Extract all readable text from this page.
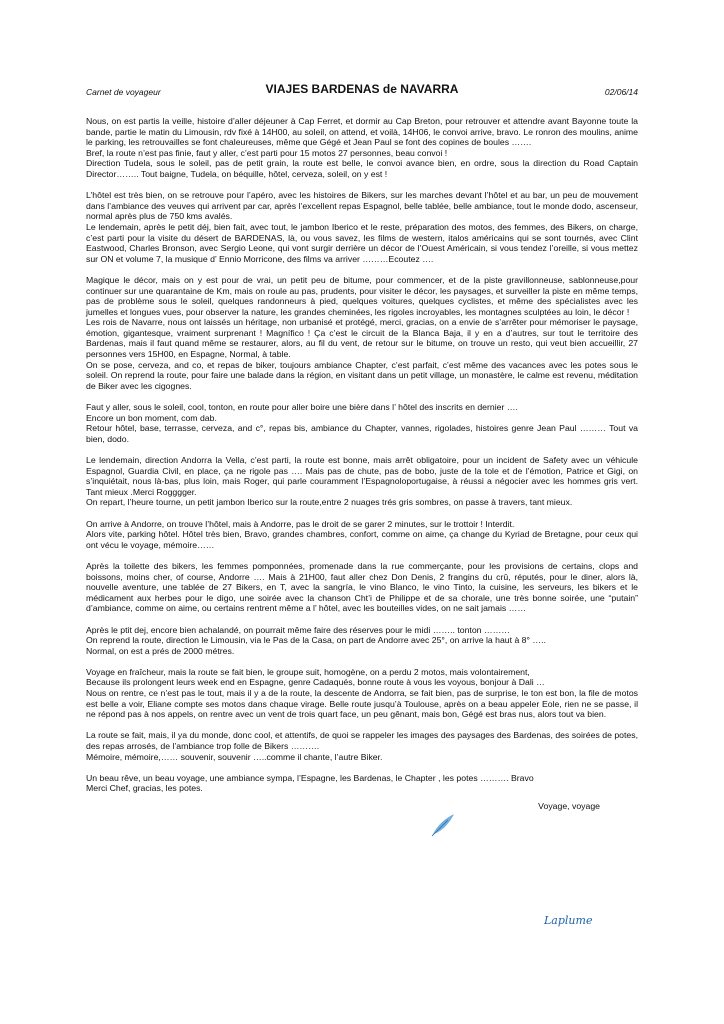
Carnet de voyageur	VIAJES BARDENAS de NAVARRA	02/06/14
Nous, on est partis la veille, histoire d’aller déjeuner à Cap Ferret, et dormir au Cap Breton, pour retrouver et attendre avant Bayonne toute la bande, partie le matin du Limousin, rdv fixé à 14H00, au soleil, on attend, et voilà, 14H06, le convoi arrive, bravo. Le ronron des moulins, anime le parking, les retrouvailles se font chaleureuses, même que Gégé et Jean Paul se font des copines de boules …….
Bref, la route n’est pas finie, faut y aller, c’est parti pour 15 motos 27 personnes, beau convoi !
Direction Tudela, sous le soleil, pas de petit grain, la route est belle, le convoi avance bien, en ordre, sous la direction du Road Captain Director…….. Tout baigne, Tudela, on béquille, hôtel, cerveza, soleil, on y est !
L’hôtel est très bien, on se retrouve pour l’apéro, avec les histoires de Bikers, sur les marches devant l’hôtel et au bar, un peu de mouvement dans l’ambiance des veuves qui arrivent par car, après l’excellent repas Espagnol, belle tablée, belle ambiance, tout le monde dodo, ascenseur, normal après plus de 750 kms avalés.
Le lendemain, après le petit déj, bien fait, avec tout, le jambon Iberico et le reste, préparation des motos, des femmes, des Bikers, on charge, c’est parti pour la visite du désert de BARDENAS, là, ou vous savez, les films de western, italos américains qui se sont tournés, avec Clint Eastwood, Charles Bronson, avec Sergio Leone, qui vont surgir derrière un décor de l’Ouest Américain, si vous tendez l’oreille, si vous mettez sur ON et volume 7, la musique d’ Ennio Morricone, des films va arriver ………Ecoutez ….
Magique le décor, mais on y est pour de vrai, un petit peu de bitume, pour commencer, et de la piste gravillonneuse, sablonneuse,pour continuer sur une quarantaine de Km, mais on roule au pas, prudents, pour visiter le décor, les paysages, et surveiller la piste en même temps, pas de problème sous le soleil, quelques randonneurs à pied, quelques voitures, quelques cyclistes, et même des spécialistes avec les jumelles et longues vues, pour observer la nature, les grandes cheminées, les rigoles incroyables, les montagnes sculptées au loin, le décor !
Les rois de Navarre, nous ont laissés un héritage, non urbanisé et protégé, merci, gracias, on a envie de s’arrêter pour mémoriser le paysage, émotion, gigantesque, vraiment surprenant ! Magnífico ! Ça c’est le circuit de la Blanca Baja, il y en a d’autres, sur tout le territoire des Bardenas, mais il faut quand même se restaurer, alors, au fil du vent, de retour sur le bitume, on trouve un resto, qui veut bien accueillir, 27 personnes vers 15H00, en Espagne, Normal, à table.
On se pose, cerveza, and co, et repas de biker, toujours ambiance Chapter, c’est parfait, c’est même des vacances avec les potes sous le soleil. On reprend la route, pour faire une balade dans la région, en visitant dans un petit village, un monastère, le calme est revenu, méditation de Biker avec les cigognes.
Faut y aller, sous le soleil, cool, tonton, en route pour aller boire une bière dans l’ hôtel des inscrits en dernier ….
Encore un bon moment, com dab.
Retour hôtel, base, terrasse, cerveza, and c°, repas bis, ambiance du Chapter, vannes, rigolades, histoires genre Jean Paul ……… Tout va bien, dodo.
Le lendemain, direction Andorra la Vella, c’est parti, la route est bonne, mais arrêt obligatoire, pour un incident de Safety avec un véhicule Espagnol, Guardia Civil, en place, ça ne rigole pas …. Mais pas de chute, pas de bobo, juste de la tole et de l’émotion, Patrice et Gigi, on s’inquiétait, nous là-bas, plus loin, mais Roger, qui parle couramment l’Espagnoloportugaise, à réussi a négocier avec les hommes gris vert. Tant mieux .Merci Rogggger.
On repart, l’heure tourne, un petit jambon Iberico sur la route,entre 2 nuages trés gris sombres, on passe à travers, tant mieux.
On arrive à Andorre, on trouve l’hôtel, mais à Andorre, pas le droit de se garer 2 minutes, sur le trottoir ! Interdit.
Alors vite, parking hôtel. Hôtel très bien, Bravo, grandes chambres, confort, comme on aime, ça change du Kyriad de Bretagne, pour ceux qui ont vécu le voyage, mémoire……
Après la toilette des bikers, les femmes pomponnées, promenade dans la rue commerçante, pour les provisions de certains, clops and boissons, moins cher, of course, Andorre …. Mais à 21H00, faut aller chez Don Denis, 2 frangins du crû, réputés, pour le diner, alors là, nouvelle aventure, une tablée de 27 Bikers, en T, avec la sangría, le vino Blanco, le vino Tinto, la cuisine, les serveurs, les bikers et le médicament aux herbes pour le digo, une soirée avec la chanson Cht’i de Philippe et de sa chorale, une très bonne soirée, une “putain” d’ambiance, comme on aime, ou certains rentrent même a l’ hôtel, avec les bouteilles vides, on ne sait jamais ……
Après le ptit dej, encore bien achalandé, on pourrait même faire des réserves pour le midi …….. tonton ………
On reprend la route, direction le Limousin, via le Pas de la Casa, on part de Andorre avec 25°, on arrive la haut à 8° …..
Normal, on est a prés de 2000 métres.
Voyage en fraîcheur, mais la route se fait bien, le groupe suit, homogène, on a perdu 2 motos, mais volontairement,
Because ils prolongent leurs week end en Espagne, genre Cadaqués, bonne route à vous les voyous, bonjour à Dali …
Nous on rentre, ce n’est pas le tout, mais il y a de la route, la descente de Andorra, se fait bien, pas de surprise, le ton est bon, la file de motos est belle a voir, Eliane compte ses motos dans chaque virage. Belle route jusqu’à Toulouse, après on a beau appeler Eole, rien ne se passe, il ne répond pas à nos appels, on rentre avec un vent de trois quart face, un peu gênant, mais bon, Gégé est bras nus, alors tout va bien.
La route se fait, mais, il ya du monde, donc cool, et attentifs, de quoi se rappeler les images des paysages des Bardenas, des soirées de potes, des repas arrosés, de l’ambiance trop folle de Bikers ……….
Mémoire, mémoire,…… souvenir, souvenir …..comme il chante, l’autre Biker.
Un beau rêve, un beau voyage, une ambiance sympa, l’Espagne, les Bardenas, le Chapter , les potes ………. Bravo
Merci Chef, gracias, les potes.
Voyage, voyage
Laplume
